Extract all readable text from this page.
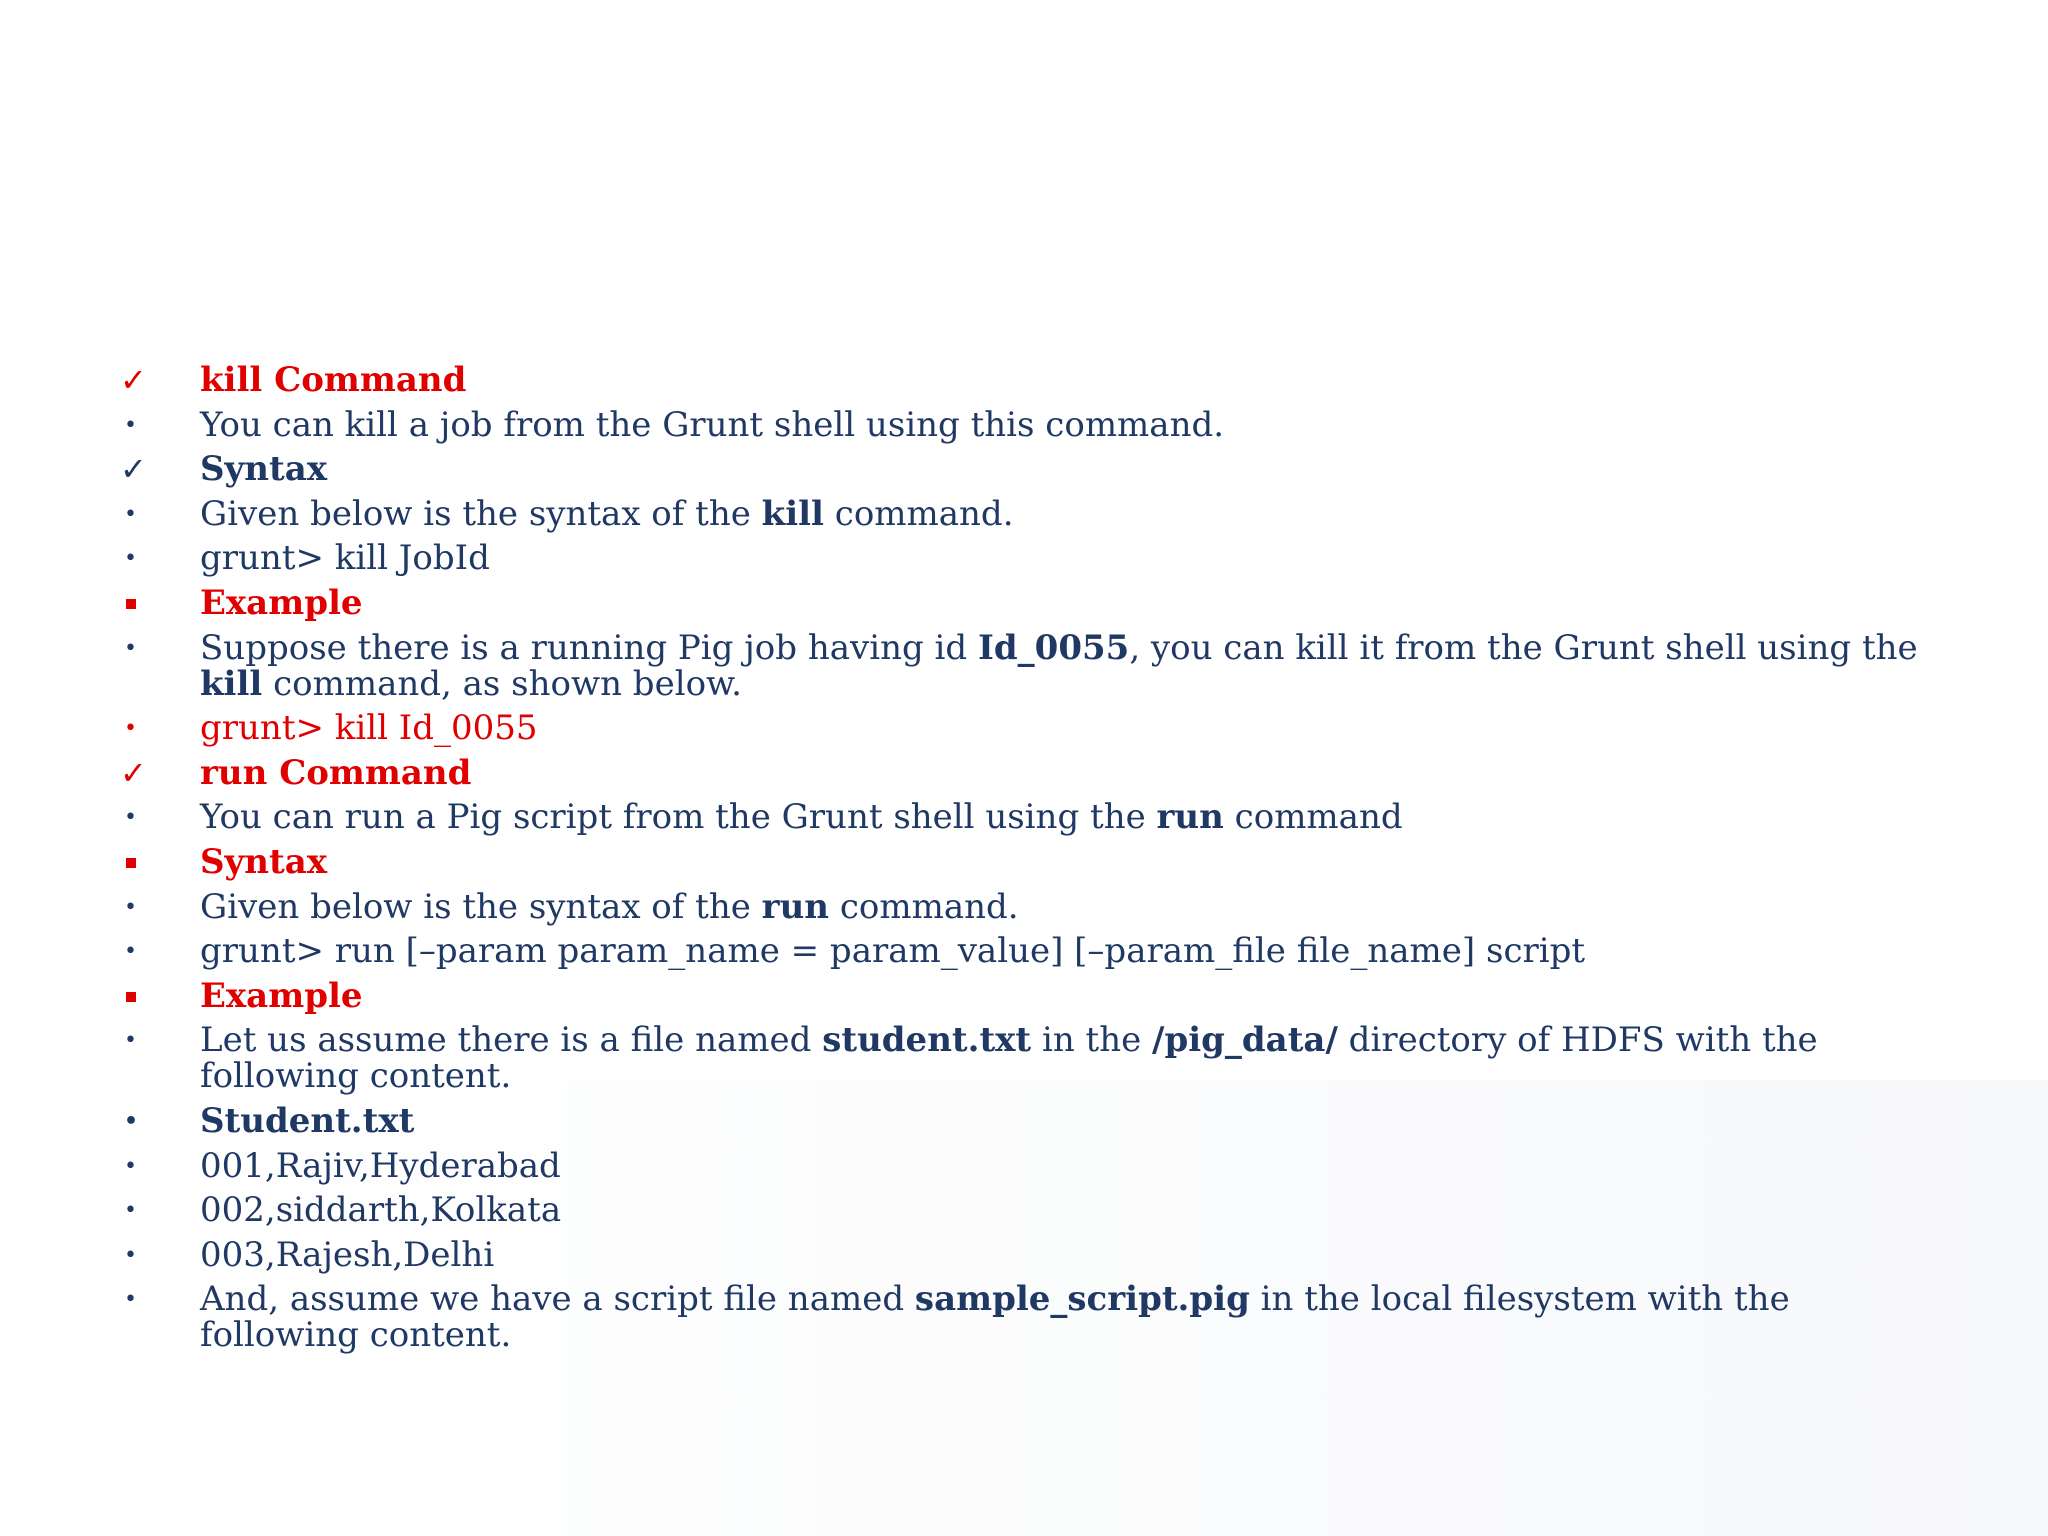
✓	kill Command
•	You can kill a job from the Grunt shell using this command.
✓	Syntax
•	Given below is the syntax of the kill command.
•	grunt> kill JobId
Example
•	Suppose there is a running Pig job having id Id_0055, you can kill it from the Grunt shell using the kill command, as shown below.
•	grunt> kill Id_0055
✓	run Command
•	You can run a Pig script from the Grunt shell using the run command
Syntax
•	Given below is the syntax of the run command.
•	grunt> run [–param param_name = param_value] [–param_file file_name] script
Example
•	Let us assume there is a file named student.txt in the /pig_data/ directory of HDFS with the following content.
•	Student.txt
•	001,Rajiv,Hyderabad
•	002,siddarth,Kolkata
•	003,Rajesh,Delhi
•	And, assume we have a script file named sample_script.pig in the local filesystem with the following content.
